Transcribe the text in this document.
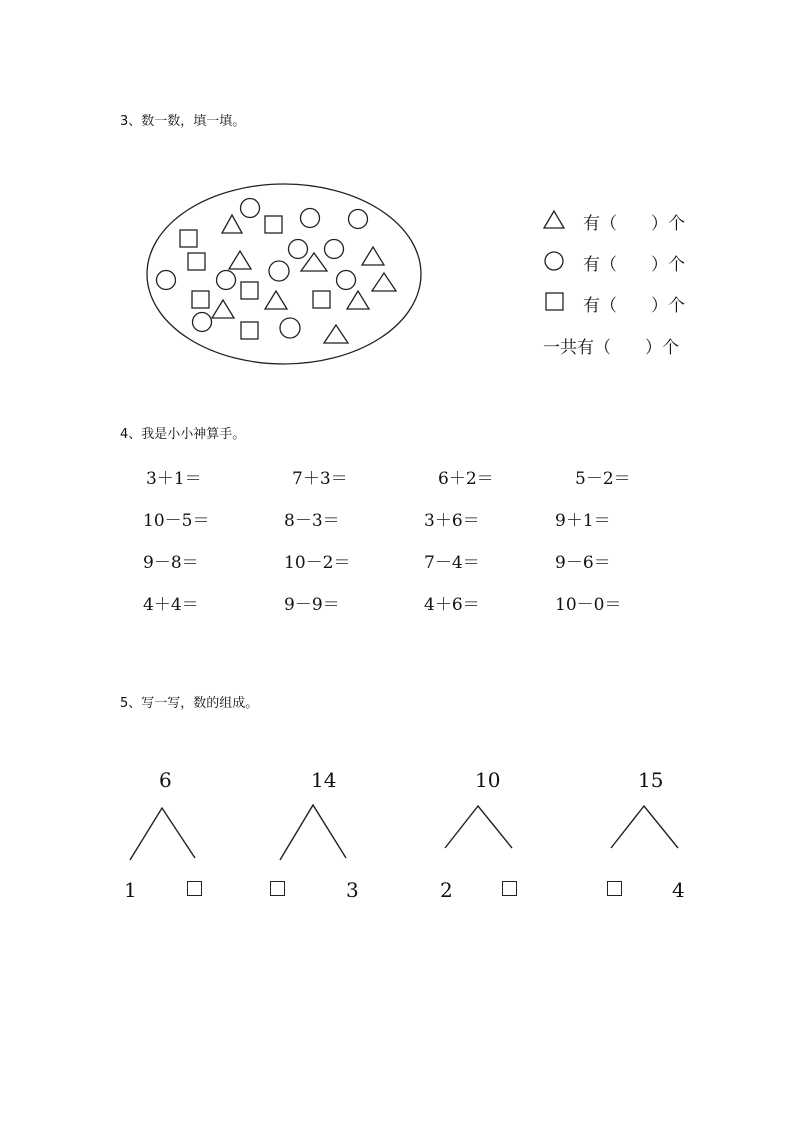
3、数一数，填一填。
有（　　）个
有（　　）个
有（　　）个
一共有（　　）个
4、我是小小神算手。
3＋1＝	7＋3＝	6＋2＝	5－2＝
10－5＝	8－3＝	3＋6＝	9＋1＝
9－8＝	10－2＝	7－4＝	9－6＝
4＋4＝	9－9＝	4＋6＝	10－0＝
5、写一写，数的组成。
6
1
14
3
10
2
15
4
